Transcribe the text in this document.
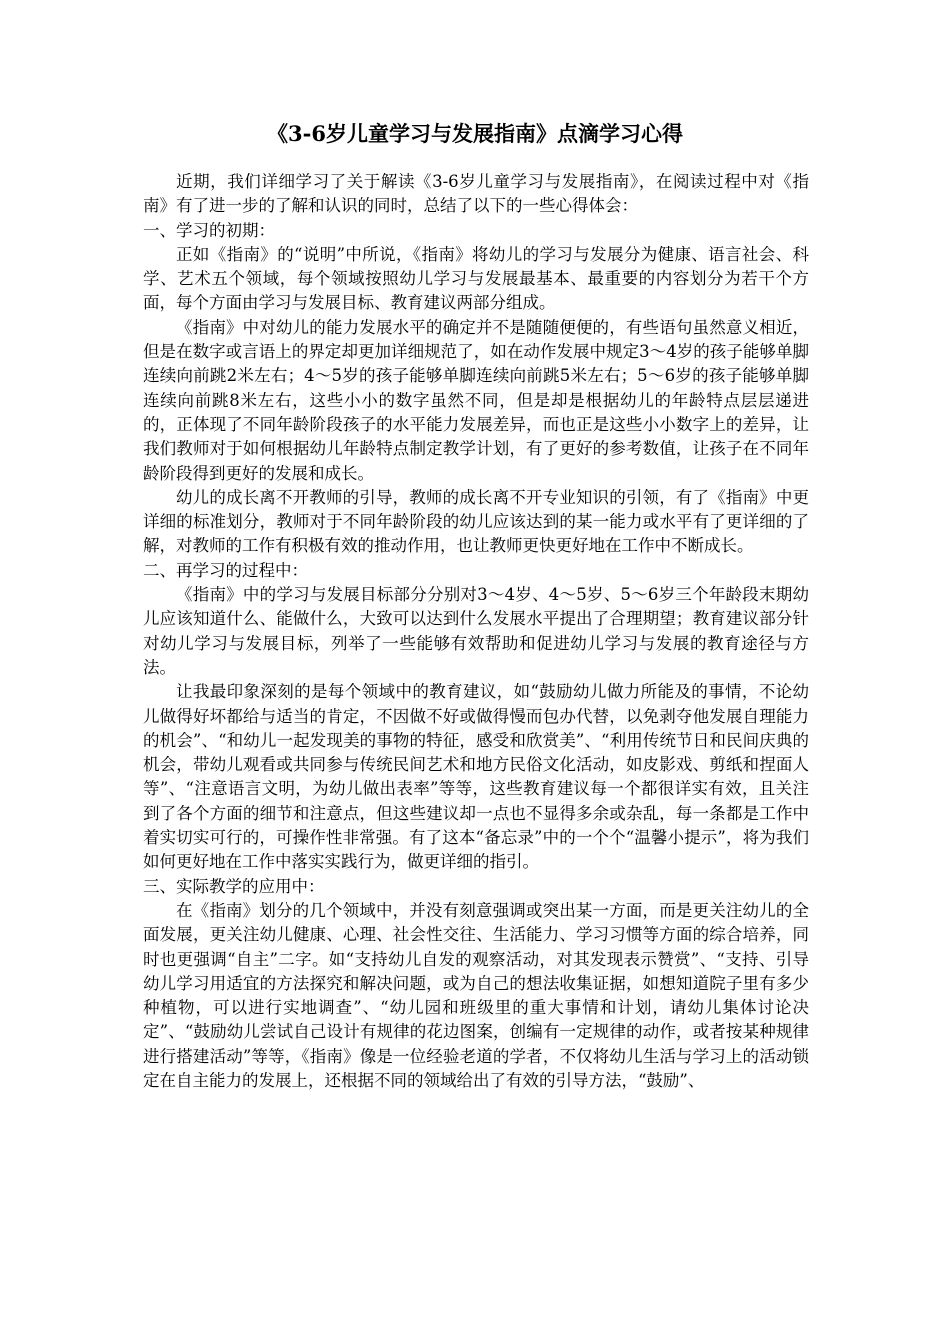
《3-6岁儿童学习与发展指南》点滴学习心得

近期，我们详细学习了关于解读《3-6岁儿童学习与发展指南》，在阅读过程中对《指南》有了进一步的了解和认识的同时，总结了以下的一些心得体会：

一、学习的初期：

正如《指南》的“说明”中所说，《指南》将幼儿的学习与发展分为健康、语言社会、科学、艺术五个领域，每个领域按照幼儿学习与发展最基本、最重要的内容划分为若干个方面，每个方面由学习与发展目标、教育建议两部分组成。

《指南》中对幼儿的能力发展水平的确定并不是随随便便的，有些语句虽然意义相近，但是在数字或言语上的界定却更加详细规范了，如在动作发展中规定3～4岁的孩子能够单脚连续向前跳2米左右；4～5岁的孩子能够单脚连续向前跳5米左右；5～6岁的孩子能够单脚连续向前跳8米左右，这些小小的数字虽然不同，但是却是根据幼儿的年龄特点层层递进的，正体现了不同年龄阶段孩子的水平能力发展差异，而也正是这些小小数字上的差异，让我们教师对于如何根据幼儿年龄特点制定教学计划，有了更好的参考数值，让孩子在不同年龄阶段得到更好的发展和成长。

幼儿的成长离不开教师的引导，教师的成长离不开专业知识的引领，有了《指南》中更详细的标准划分，教师对于不同年龄阶段的幼儿应该达到的某一能力或水平有了更详细的了解，对教师的工作有积极有效的推动作用，也让教师更快更好地在工作中不断成长。

二、再学习的过程中：

《指南》中的学习与发展目标部分分别对3～4岁、4～5岁、5～6岁三个年龄段末期幼儿应该知道什么、能做什么，大致可以达到什么发展水平提出了合理期望；教育建议部分针对幼儿学习与发展目标，列举了一些能够有效帮助和促进幼儿学习与发展的教育途径与方法。

让我最印象深刻的是每个领域中的教育建议，如“鼓励幼儿做力所能及的事情，不论幼儿做得好坏都给与适当的肯定，不因做不好或做得慢而包办代替，以免剥夺他发展自理能力的机会”、“和幼儿一起发现美的事物的特征，感受和欣赏美”、“利用传统节日和民间庆典的机会，带幼儿观看或共同参与传统民间艺术和地方民俗文化活动，如皮影戏、剪纸和捏面人等”、“注意语言文明，为幼儿做出表率”等等，这些教育建议每一个都很详实有效，且关注到了各个方面的细节和注意点，但这些建议却一点也不显得多余或杂乱，每一条都是工作中着实切实可行的，可操作性非常强。有了这本“备忘录”中的一个个“温馨小提示”，将为我们如何更好地在工作中落实实践行为，做更详细的指引。

三、实际教学的应用中：

在《指南》划分的几个领域中，并没有刻意强调或突出某一方面，而是更关注幼儿的全面发展，更关注幼儿健康、心理、社会性交往、生活能力、学习习惯等方面的综合培养，同时也更强调“自主”二字。如“支持幼儿自发的观察活动，对其发现表示赞赏”、“支持、引导幼儿学习用适宜的方法探究和解决问题，或为自己的想法收集证据，如想知道院子里有多少种植物，可以进行实地调查”、“幼儿园和班级里的重大事情和计划，请幼儿集体讨论决定”、“鼓励幼儿尝试自己设计有规律的花边图案，创编有一定规律的动作，或者按某种规律进行搭建活动”等等，《指南》像是一位经验老道的学者，不仅将幼儿生活与学习上的活动锁定在自主能力的发展上，还根据不同的领域给出了有效的引导方法，“鼓励”、
